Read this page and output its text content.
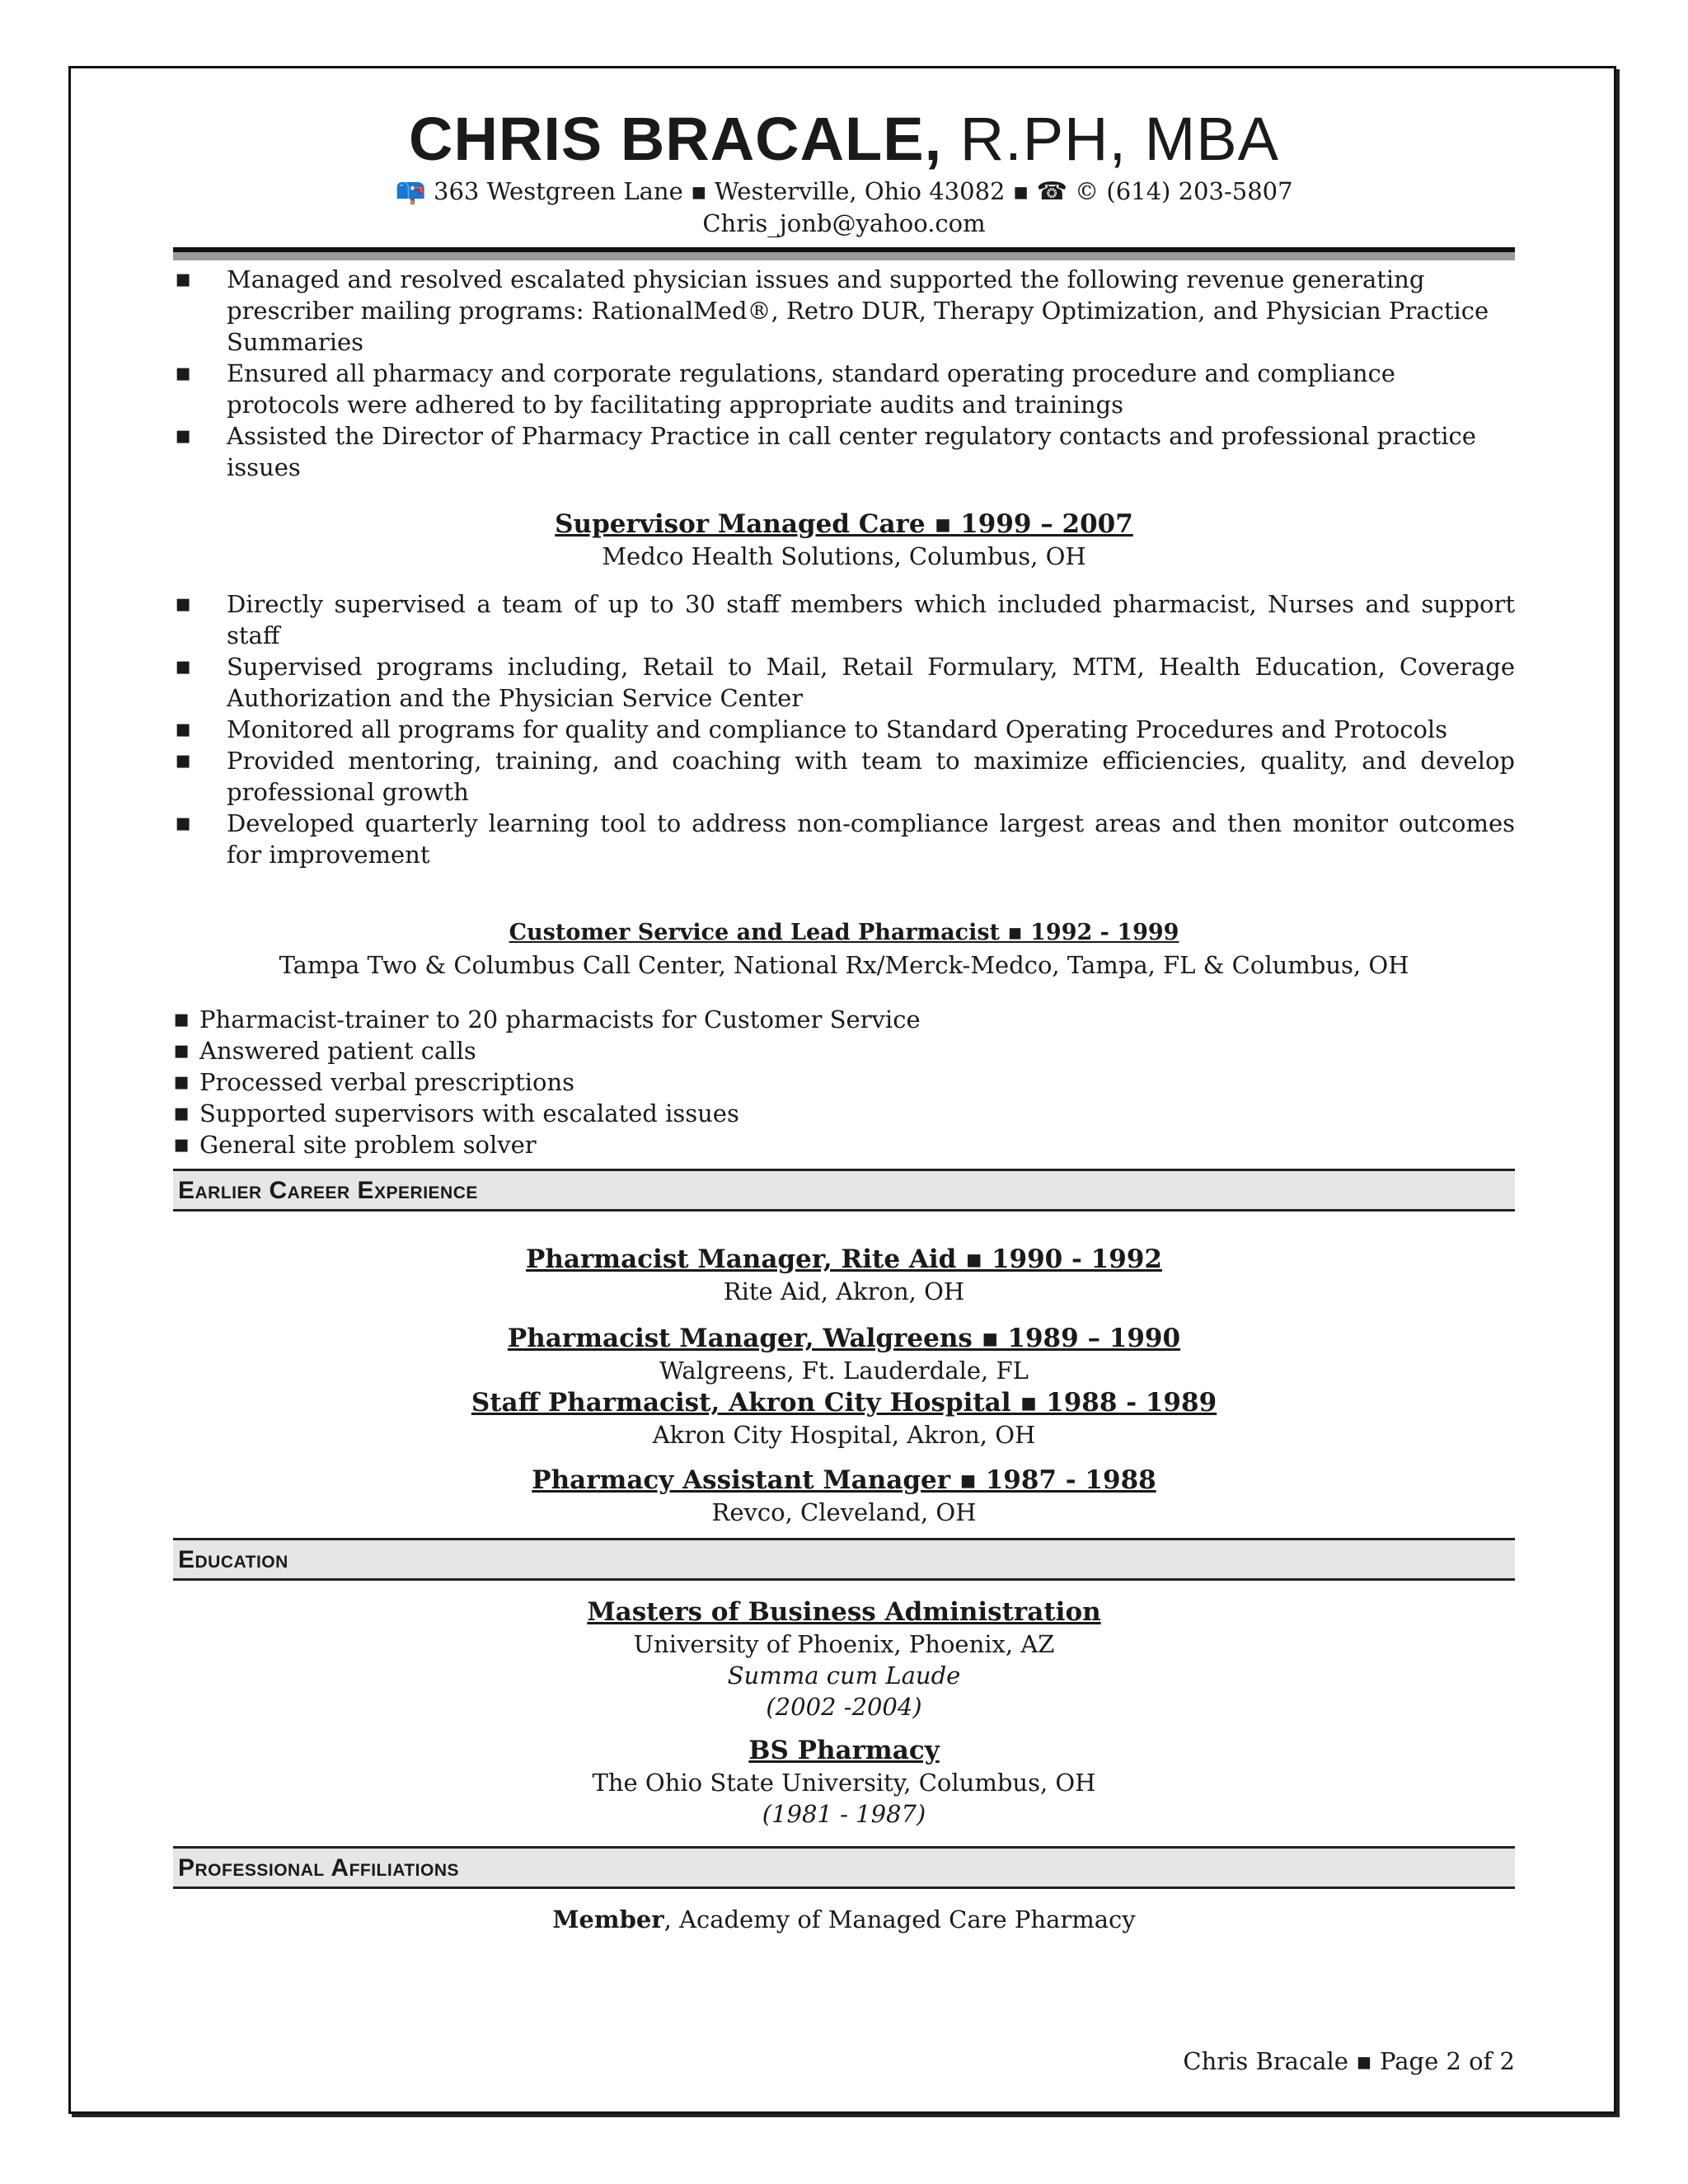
CHRIS BRACALE, R.PH, MBA
📪 363 Westgreen Lane ▪ Westerville, Ohio 43082 ▪ ☎ © (614) 203-5807
Chris_jonb@yahoo.com
▪ Managed and resolved escalated physician issues and supported the following revenue generating prescriber mailing programs: RationalMed®, Retro DUR, Therapy Optimization, and Physician Practice Summaries
▪ Ensured all pharmacy and corporate regulations, standard operating procedure and compliance protocols were adhered to by facilitating appropriate audits and trainings
▪ Assisted the Director of Pharmacy Practice in call center regulatory contacts and professional practice issues
Supervisor Managed Care ▪ 1999 – 2007
Medco Health Solutions, Columbus, OH
▪ Directly supervised a team of up to 30 staff members which included pharmacist, Nurses and support staff
▪ Supervised programs including, Retail to Mail, Retail Formulary, MTM, Health Education, Coverage Authorization and the Physician Service Center
▪ Monitored all programs for quality and compliance to Standard Operating Procedures and Protocols
▪ Provided mentoring, training, and coaching with team to maximize efficiencies, quality, and develop professional growth
▪ Developed quarterly learning tool to address non-compliance largest areas and then monitor outcomes for improvement
Customer Service and Lead Pharmacist ▪ 1992 - 1999
Tampa Two & Columbus Call Center, National Rx/Merck-Medco, Tampa, FL & Columbus, OH
▪ Pharmacist-trainer to 20 pharmacists for Customer Service
▪ Answered patient calls
▪ Processed verbal prescriptions
▪ Supported supervisors with escalated issues
▪ General site problem solver
Earlier Career Experience
Pharmacist Manager, Rite Aid ▪ 1990 - 1992
Rite Aid, Akron, OH
Pharmacist Manager, Walgreens ▪ 1989 – 1990
Walgreens, Ft. Lauderdale, FL
Staff Pharmacist, Akron City Hospital ▪ 1988 - 1989
Akron City Hospital, Akron, OH
Pharmacy Assistant Manager ▪ 1987 - 1988
Revco, Cleveland, OH
Education
Masters of Business Administration
University of Phoenix, Phoenix, AZ
Summa cum Laude
(2002 -2004)
BS Pharmacy
The Ohio State University, Columbus, OH
(1981 - 1987)
Professional Affiliations
Member, Academy of Managed Care Pharmacy
Chris Bracale ▪ Page 2 of 2
